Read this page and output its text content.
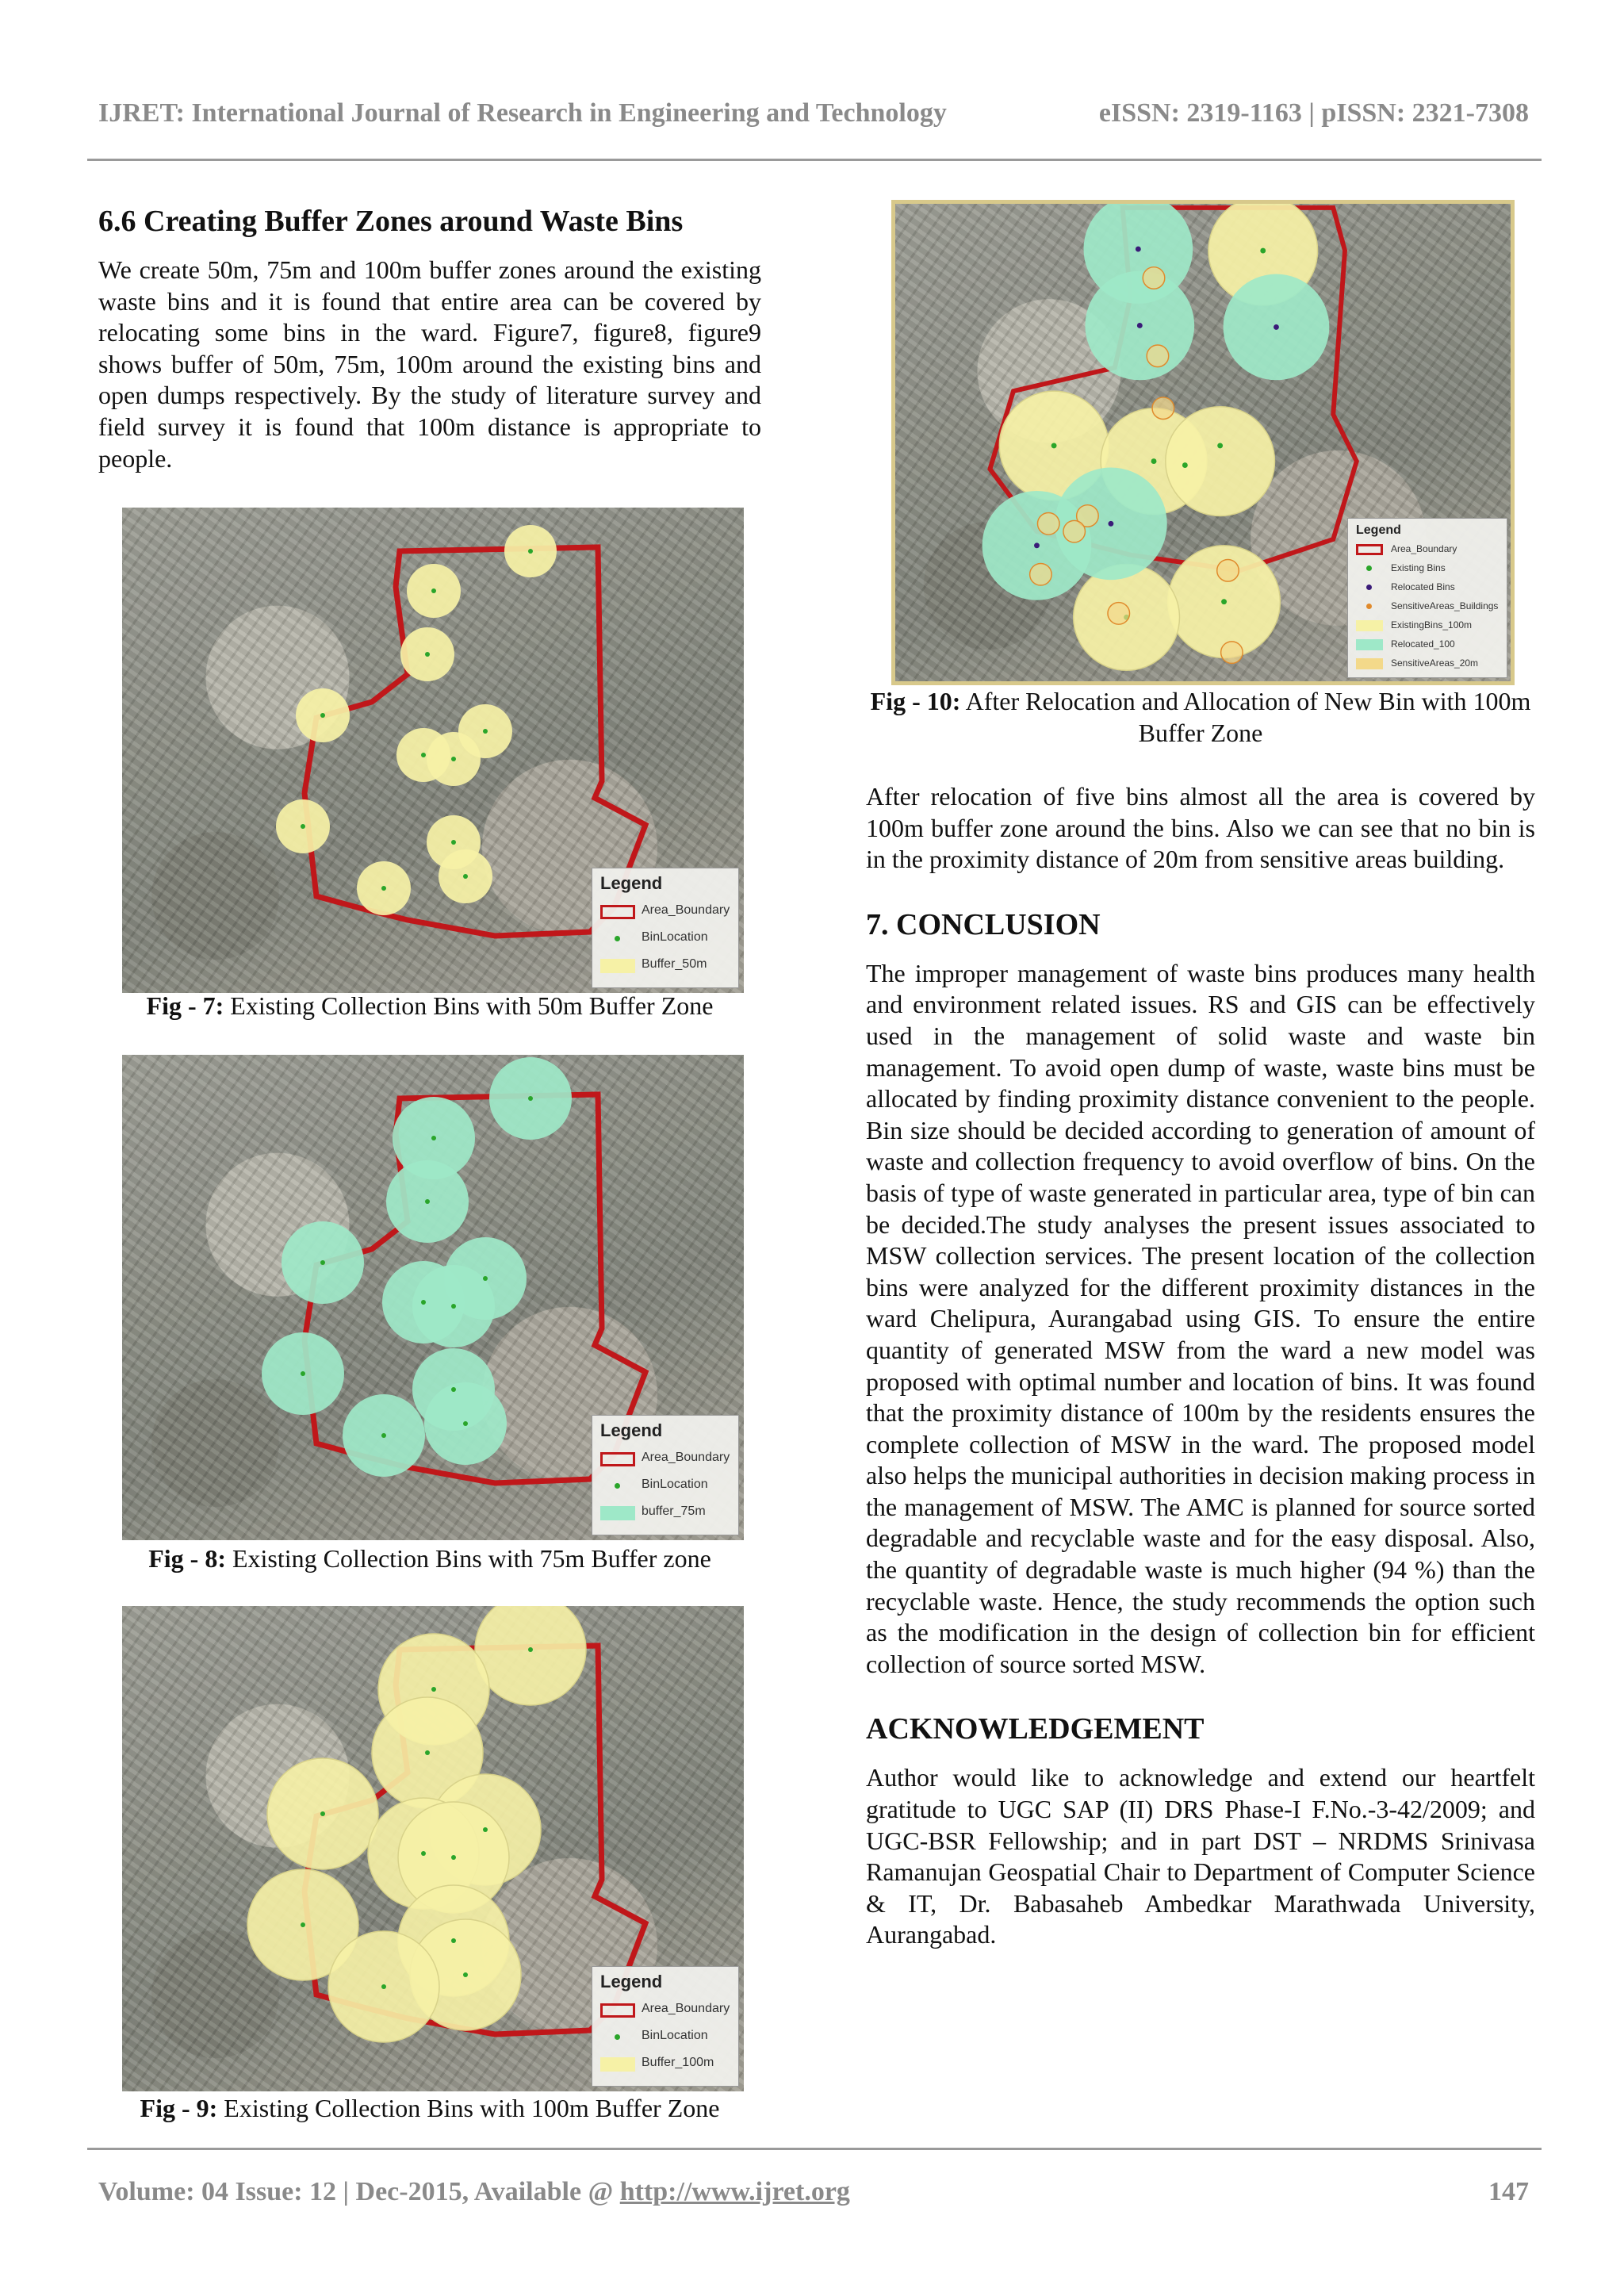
IJRET: International Journal of Research in Engineering and Technology	eISSN: 2319-1163 | pISSN: 2321-7308
6.6 Creating Buffer Zones around Waste Bins

We create 50m, 75m and 100m buffer zones around the existing waste bins and it is found that entire area can be covered by relocating some bins in the ward. Figure7, figure8, figure9 shows buffer of 50m, 75m, 100m around the existing bins and open dumps respectively. By the study of literature survey and field survey it is found that 100m distance is appropriate to people.

Legend
Area_Boundary
BinLocation
Buffer_50m
Fig - 7: Existing Collection Bins with 50m Buffer Zone
Legend
Area_Boundary
BinLocation
buffer_75m
Fig - 8: Existing Collection Bins with 75m Buffer zone
Legend
Area_Boundary
BinLocation
Buffer_100m
Fig - 9: Existing Collection Bins with 100m Buffer Zone
Legend
Area_Boundary
Existing Bins
Relocated Bins
SensitiveAreas_Buildings
ExistingBins_100m
Relocated_100
SensitiveAreas_20m
Fig - 10: After Relocation and Allocation of New Bin with 100m Buffer Zone

After relocation of five bins almost all the area is covered by 100m buffer zone around the bins. Also we can see that no bin is in the proximity distance of 20m from sensitive areas building.

7. CONCLUSION

The improper management of waste bins produces many health and environment related issues. RS and GIS can be effectively used in the management of solid waste and waste bin management. To avoid open dump of waste, waste bins must be allocated by finding proximity distance convenient to the people. Bin size should be decided according to generation of amount of waste and collection frequency to avoid overflow of bins. On the basis of type of waste generated in particular area, type of bin can be decided.The study analyses the present issues associated to MSW collection services. The present location of the collection bins were analyzed for the different proximity distances in the ward Chelipura, Aurangabad using GIS. To ensure the entire quantity of generated MSW from the ward a new model was proposed with optimal number and location of bins. It was found that the proximity distance of 100m by the residents ensures the complete collection of MSW in the ward. The proposed model also helps the municipal authorities in decision making process in the management of MSW. The AMC is planned for source sorted degradable and recyclable waste and for the easy disposal. Also, the quantity of degradable waste is much higher (94 %) than the recyclable waste. Hence, the study recommends the option such as the modification in the design of collection bin for efficient collection of source sorted MSW.

ACKNOWLEDGEMENT

Author would like to acknowledge and extend our heartfelt gratitude to UGC SAP (II) DRS Phase-I F.No.-3-42/2009; and UGC-BSR Fellowship; and in part DST – NRDMS Srinivasa Ramanujan Geospatial Chair to Department of Computer Science & IT, Dr. Babasaheb Ambedkar Marathwada University, Aurangabad.

Volume: 04 Issue: 12 | Dec-2015, Available @ http://www.ijret.org	147
